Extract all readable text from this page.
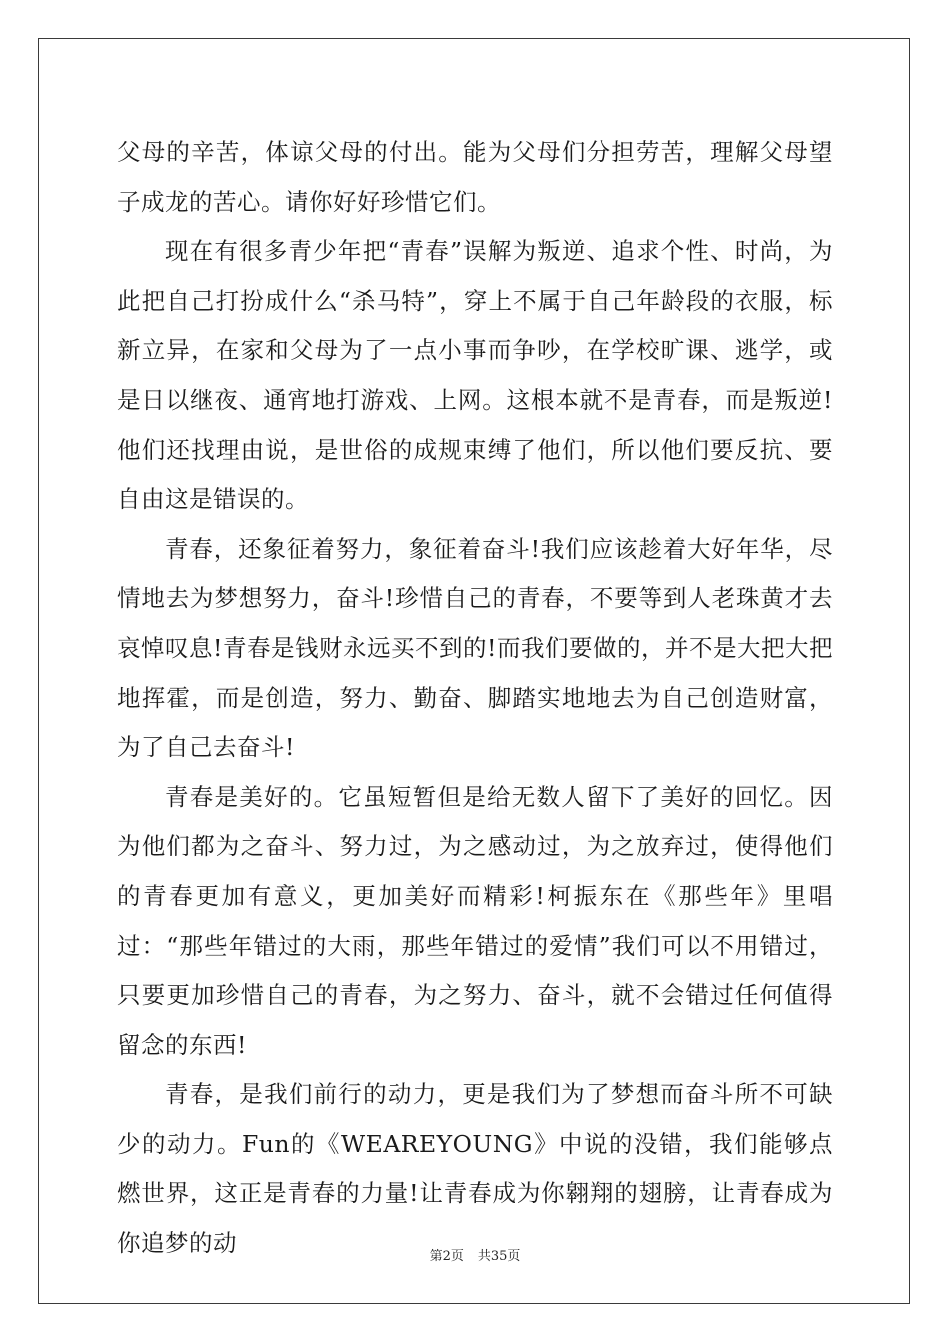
父母的辛苦，体谅父母的付出。能为父母们分担劳苦，理解父母望子成龙的苦心。请你好好珍惜它们。

现在有很多青少年把“青春”误解为叛逆、追求个性、时尚，为此把自己打扮成什么“杀马特”，穿上不属于自己年龄段的衣服，标新立异，在家和父母为了一点小事而争吵，在学校旷课、逃学，或是日以继夜、通宵地打游戏、上网。这根本就不是青春，而是叛逆!他们还找理由说，是世俗的成规束缚了他们，所以他们要反抗、要自由这是错误的。

青春，还象征着努力，象征着奋斗!我们应该趁着大好年华，尽情地去为梦想努力，奋斗!珍惜自己的青春，不要等到人老珠黄才去哀悼叹息!青春是钱财永远买不到的!而我们要做的，并不是大把大把地挥霍，而是创造，努力、勤奋、脚踏实地地去为自己创造财富，为了自己去奋斗!

青春是美好的。它虽短暂但是给无数人留下了美好的回忆。因为他们都为之奋斗、努力过，为之感动过，为之放弃过，使得他们的青春更加有意义，更加美好而精彩!柯振东在《那些年》里唱过：“那些年错过的大雨，那些年错过的爱情”我们可以不用错过，只要更加珍惜自己的青春，为之努力、奋斗，就不会错过任何值得留念的东西!

青春，是我们前行的动力，更是我们为了梦想而奋斗所不可缺少的动力。Fun的《WEAREYOUNG》中说的没错，我们能够点燃世界，这正是青春的力量!让青春成为你翱翔的翅膀，让青春成为你追梦的动	第2页 共35页
